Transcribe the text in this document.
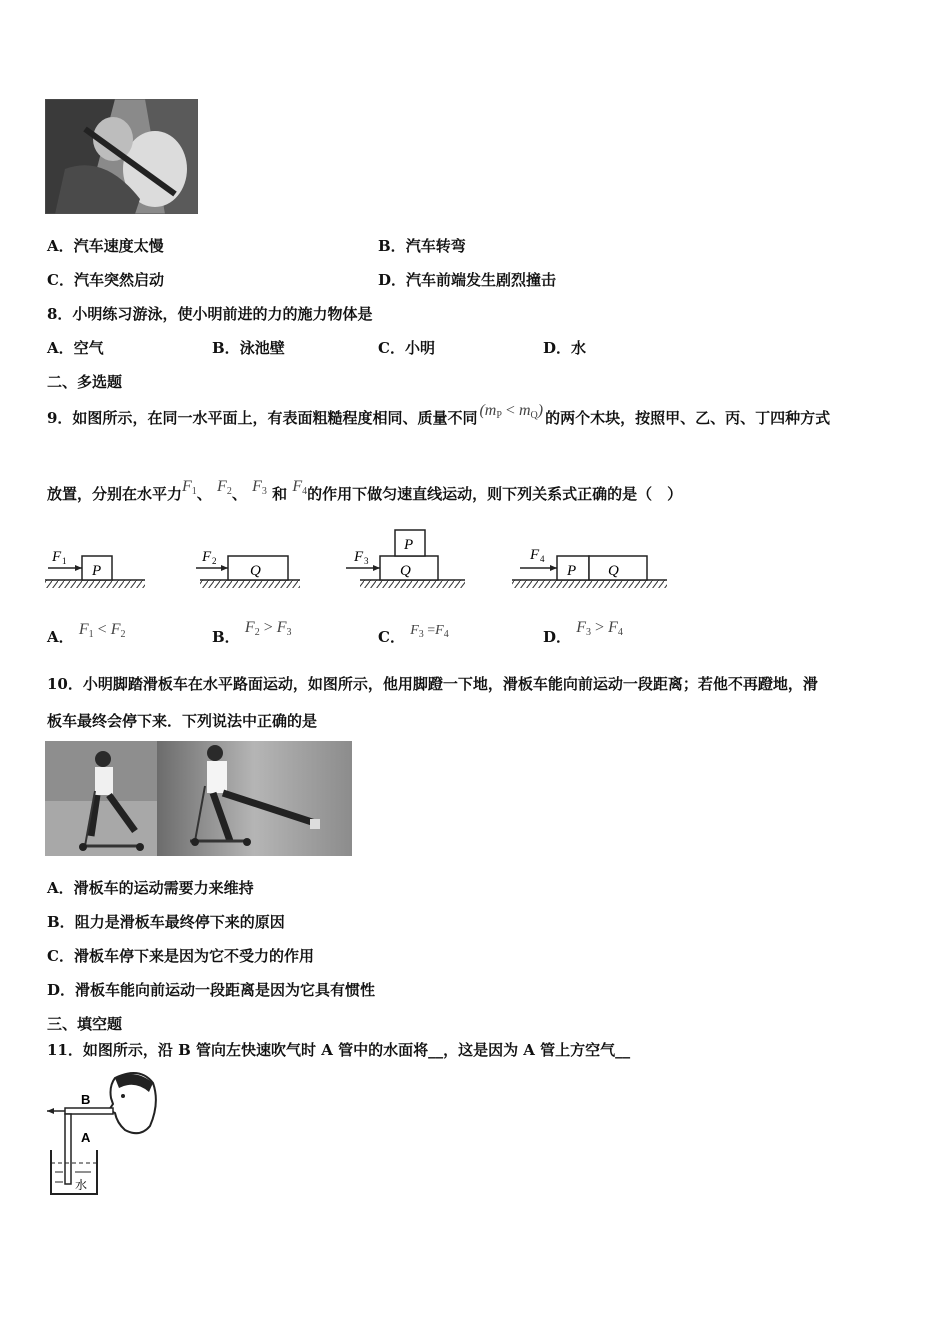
A．汽车速度太慢	B．汽车转弯
C．汽车突然启动	D．汽车前端发生剧烈撞击
8．小明练习游泳，使小明前进的力的施力物体是
A．空气	B．泳池壁	C．小明	D．水
二、多选题
9．如图所示，在同一水平面上，有表面粗糙程度相同、质量不同 $(m_P < m_Q)$ 的两个木块，按照甲、乙、丙、丁四种方式
放置，分别在水平力$F_1$、 $F_2$、 $F_3$ 和 $F_4$的作用下做匀速直线运动，则下列关系式正确的是（　）
P
F 1
Q
F 2
Q
P
F 3
P Q
F 4
A． $F_1 < F_2$	B． $F_2 > F_3$	C． $F_3 =F_4$	D． $F_3 > F_4$
10．小明脚踏滑板车在水平路面运动，如图所示，他用脚蹬一下地，滑板车能向前运动一段距离；若他不再蹬地，滑
板车最终会停下来．下列说法中正确的是
A．滑板车的运动需要力来维持
B．阻力是滑板车最终停下来的原因
C．滑板车停下来是因为它不受力的作用
D．滑板车能向前运动一段距离是因为它具有惯性
三、填空题
11．如图所示，沿 B 管向左快速吹气时 A 管中的水面将__，这是因为 A 管上方空气__
B
A
水
